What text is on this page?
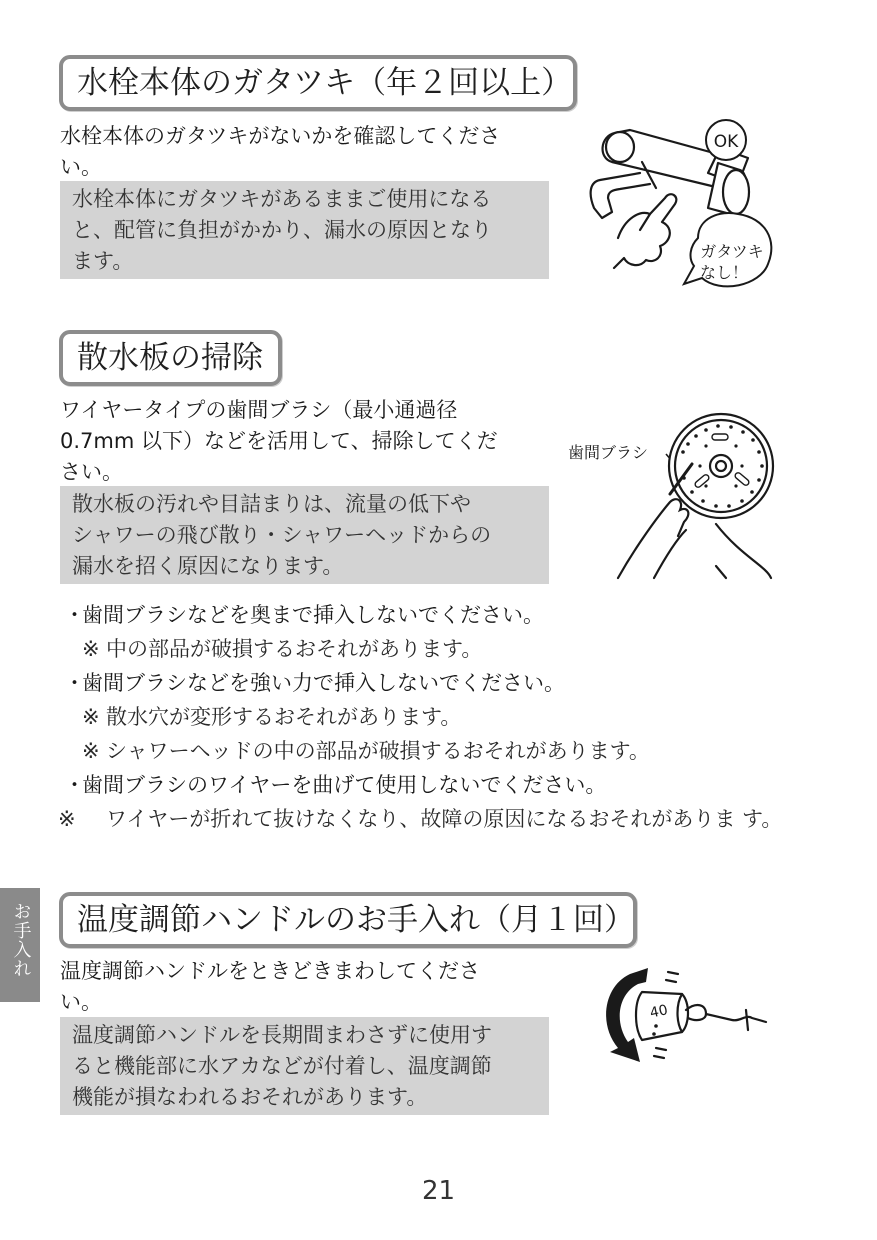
水栓本体のガタツキ（年２回以上）

水栓本体のガタツキがないかを確認してくださ
い。

水栓本体にガタツキがあるままご使用になる
と、配管に負担がかかり、漏水の原因となり
ます。
OK
ガタツキ
なし！
散水板の掃除

ワイヤータイプの歯間ブラシ（最小通過径
0.7mm 以下）などを活用して、掃除してくだ
さい。

散水板の汚れや目詰まりは、流量の低下や
シャワーの飛び散り・シャワーヘッドからの
漏水を招く原因になります。
歯間ブラシ
・
歯間ブラシなどを奥まで挿入しないでください。
※ 中の部品が破損するおそれがあります。
・
歯間ブラシなどを強い力で挿入しないでください。
※ 散水穴が変形するおそれがあります。
※ シャワーヘッドの中の部品が破損するおそれがあります。
・
歯間ブラシのワイヤーを曲げて使用しないでください。
※ ワイヤーが折れて抜けなくなり、故障の原因になるおそれがありま す。
お手入れ 温度調節ハンドルのお手入れ（月１回）

温度調節ハンドルをときどきまわしてくださ
い。

温度調節ハンドルを長期間まわさずに使用す
ると機能部に水アカなどが付着し、温度調節
機能が損なわれるおそれがあります。
40
21
